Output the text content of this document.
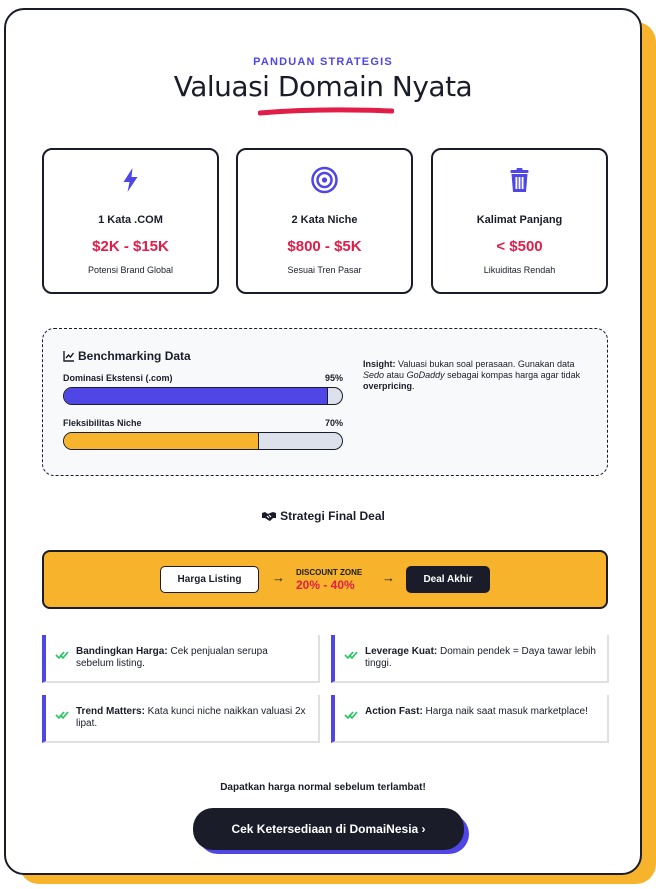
PANDUAN STRATEGIS
Valuasi Domain Nyata
1 Kata .COM
$2K - $15K
Potensi Brand Global
2 Kata Niche
$800 - $5K
Sesuai Tren Pasar
Kalimat Panjang
< $500
Likuiditas Rendah
Benchmarking Data
Dominasi Ekstensi (.com)	95%
Fleksibilitas Niche	70%
Insight: Valuasi bukan soal perasaan. Gunakan data Sedo atau GoDaddy sebagai kompas harga agar tidak overpricing.
Strategi Final Deal
Harga Listing	→ DISCOUNT ZONE
20% - 40%	→	Deal Akhir
Bandingkan Harga: Cek penjualan serupa sebelum listing.
Leverage Kuat: Domain pendek = Daya tawar lebih tinggi.
Trend Matters: Kata kunci niche naikkan valuasi 2x lipat.
Action Fast: Harga naik saat masuk marketplace!
Dapatkan harga normal sebelum terlambat!
Cek Ketersediaan di DomaiNesia ›
